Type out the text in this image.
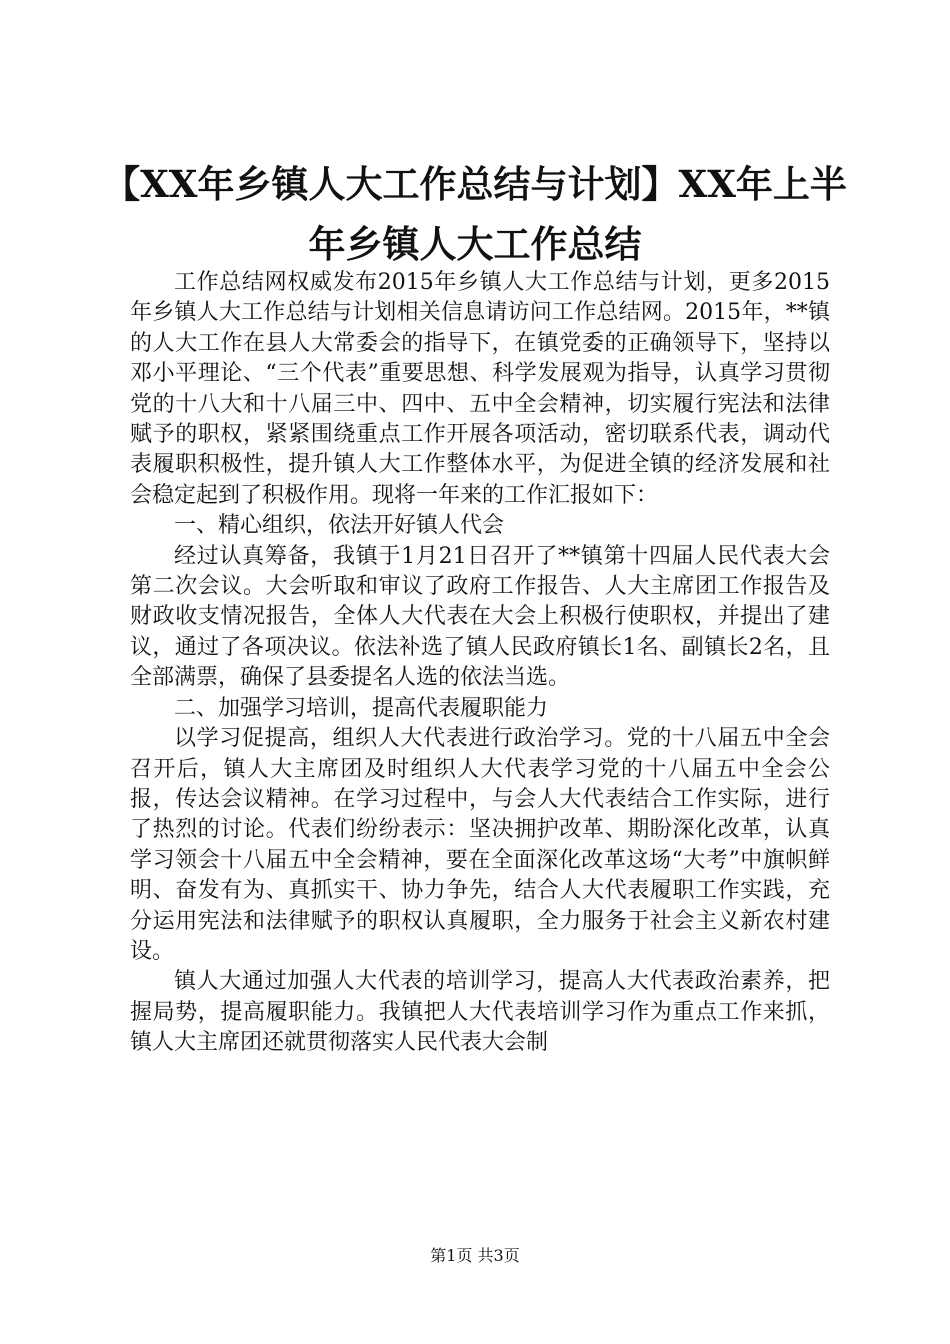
【XX年乡镇人大工作总结与计划】XX年上半
年乡镇人大工作总结

工作总结网权威发布2015年乡镇人大工作总结与计划，更多2015年乡镇人大工作总结与计划相关信息请访问工作总结网。2015年，**镇的人大工作在县人大常委会的指导下，在镇党委的正确领导下，坚持以邓小平理论、“三个代表”重要思想、科学发展观为指导，认真学习贯彻党的十八大和十八届三中、四中、五中全会精神，切实履行宪法和法律赋予的职权，紧紧围绕重点工作开展各项活动，密切联系代表，调动代表履职积极性，提升镇人大工作整体水平，为促进全镇的经济发展和社会稳定起到了积极作用。现将一年来的工作汇报如下：

一、精心组织，依法开好镇人代会

经过认真筹备，我镇于1月21日召开了**镇第十四届人民代表大会第二次会议。大会听取和审议了政府工作报告、人大主席团工作报告及财政收支情况报告，全体人大代表在大会上积极行使职权，并提出了建议，通过了各项决议。依法补选了镇人民政府镇长1名、副镇长2名，且全部满票，确保了县委提名人选的依法当选。

二、加强学习培训，提高代表履职能力

以学习促提高，组织人大代表进行政治学习。党的十八届五中全会召开后，镇人大主席团及时组织人大代表学习党的十八届五中全会公报，传达会议精神。在学习过程中，与会人大代表结合工作实际，进行了热烈的讨论。代表们纷纷表示：坚决拥护改革、期盼深化改革，认真学习领会十八届五中全会精神，要在全面深化改革这场“大考”中旗帜鲜明、奋发有为、真抓实干、协力争先，结合人大代表履职工作实践，充分运用宪法和法律赋予的职权认真履职，全力服务于社会主义新农村建设。

镇人大通过加强人大代表的培训学习，提高人大代表政治素养，把握局势，提高履职能力。我镇把人大代表培训学习作为重点工作来抓，镇人大主席团还就贯彻落实人民代表大会制

第1页 共3页
